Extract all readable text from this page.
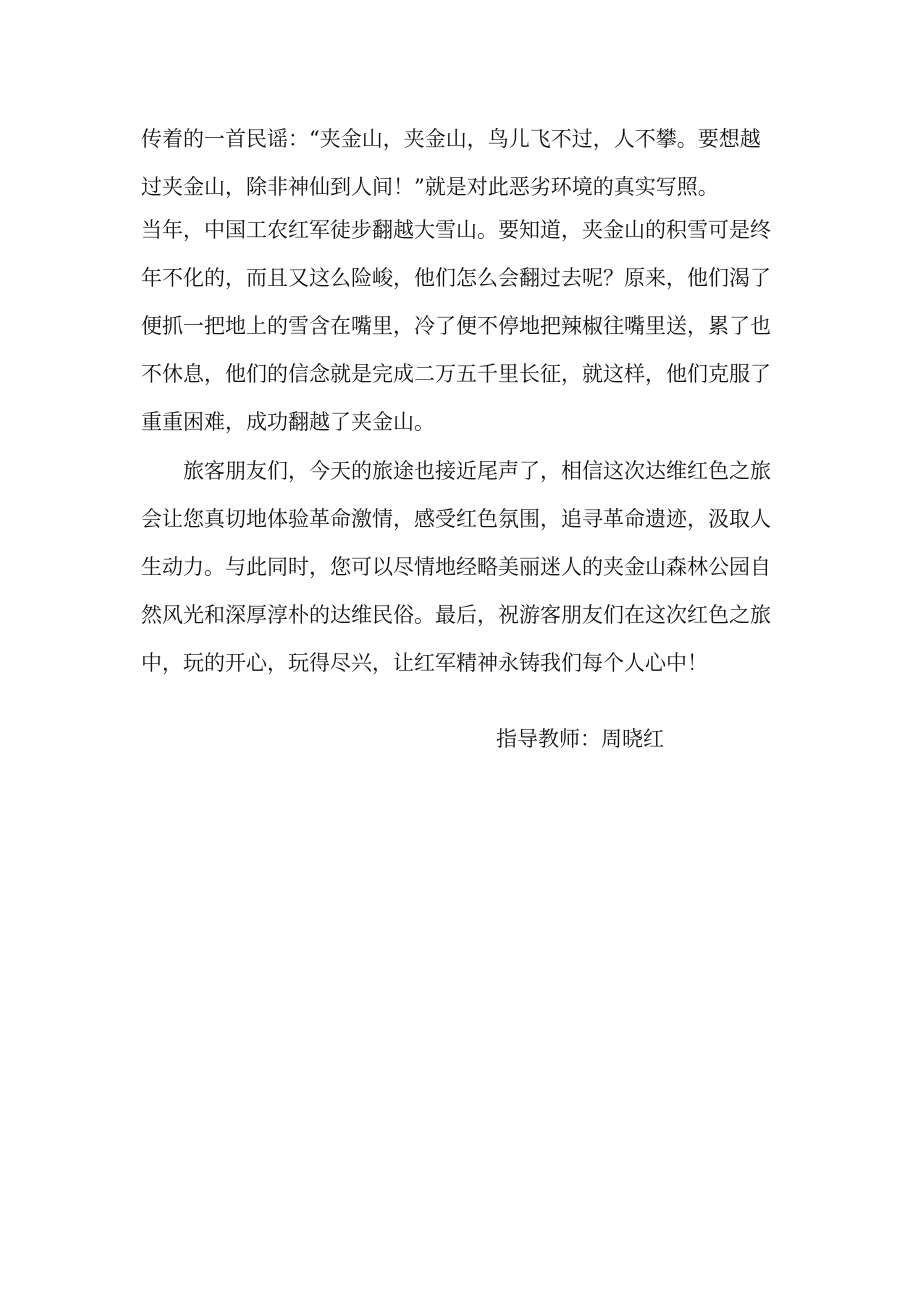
传着的一首民谣：“夹金山，夹金山，鸟儿飞不过，人不攀。要想越
过夹金山，除非神仙到人间！”就是对此恶劣环境的真实写照。
当年，中国工农红军徒步翻越大雪山。要知道，夹金山的积雪可是终
年不化的，而且又这么险峻，他们怎么会翻过去呢？原来，他们渴了
便抓一把地上的雪含在嘴里，冷了便不停地把辣椒往嘴里送，累了也
不休息，他们的信念就是完成二万五千里长征，就这样，他们克服了
重重困难，成功翻越了夹金山。
旅客朋友们，今天的旅途也接近尾声了，相信这次达维红色之旅
会让您真切地体验革命激情，感受红色氛围，追寻革命遗迹，汲取人
生动力。与此同时，您可以尽情地经略美丽迷人的夹金山森林公园自
然风光和深厚淳朴的达维民俗。最后，祝游客朋友们在这次红色之旅
中，玩的开心，玩得尽兴，让红军精神永铸我们每个人心中！
指导教师：周晓红
